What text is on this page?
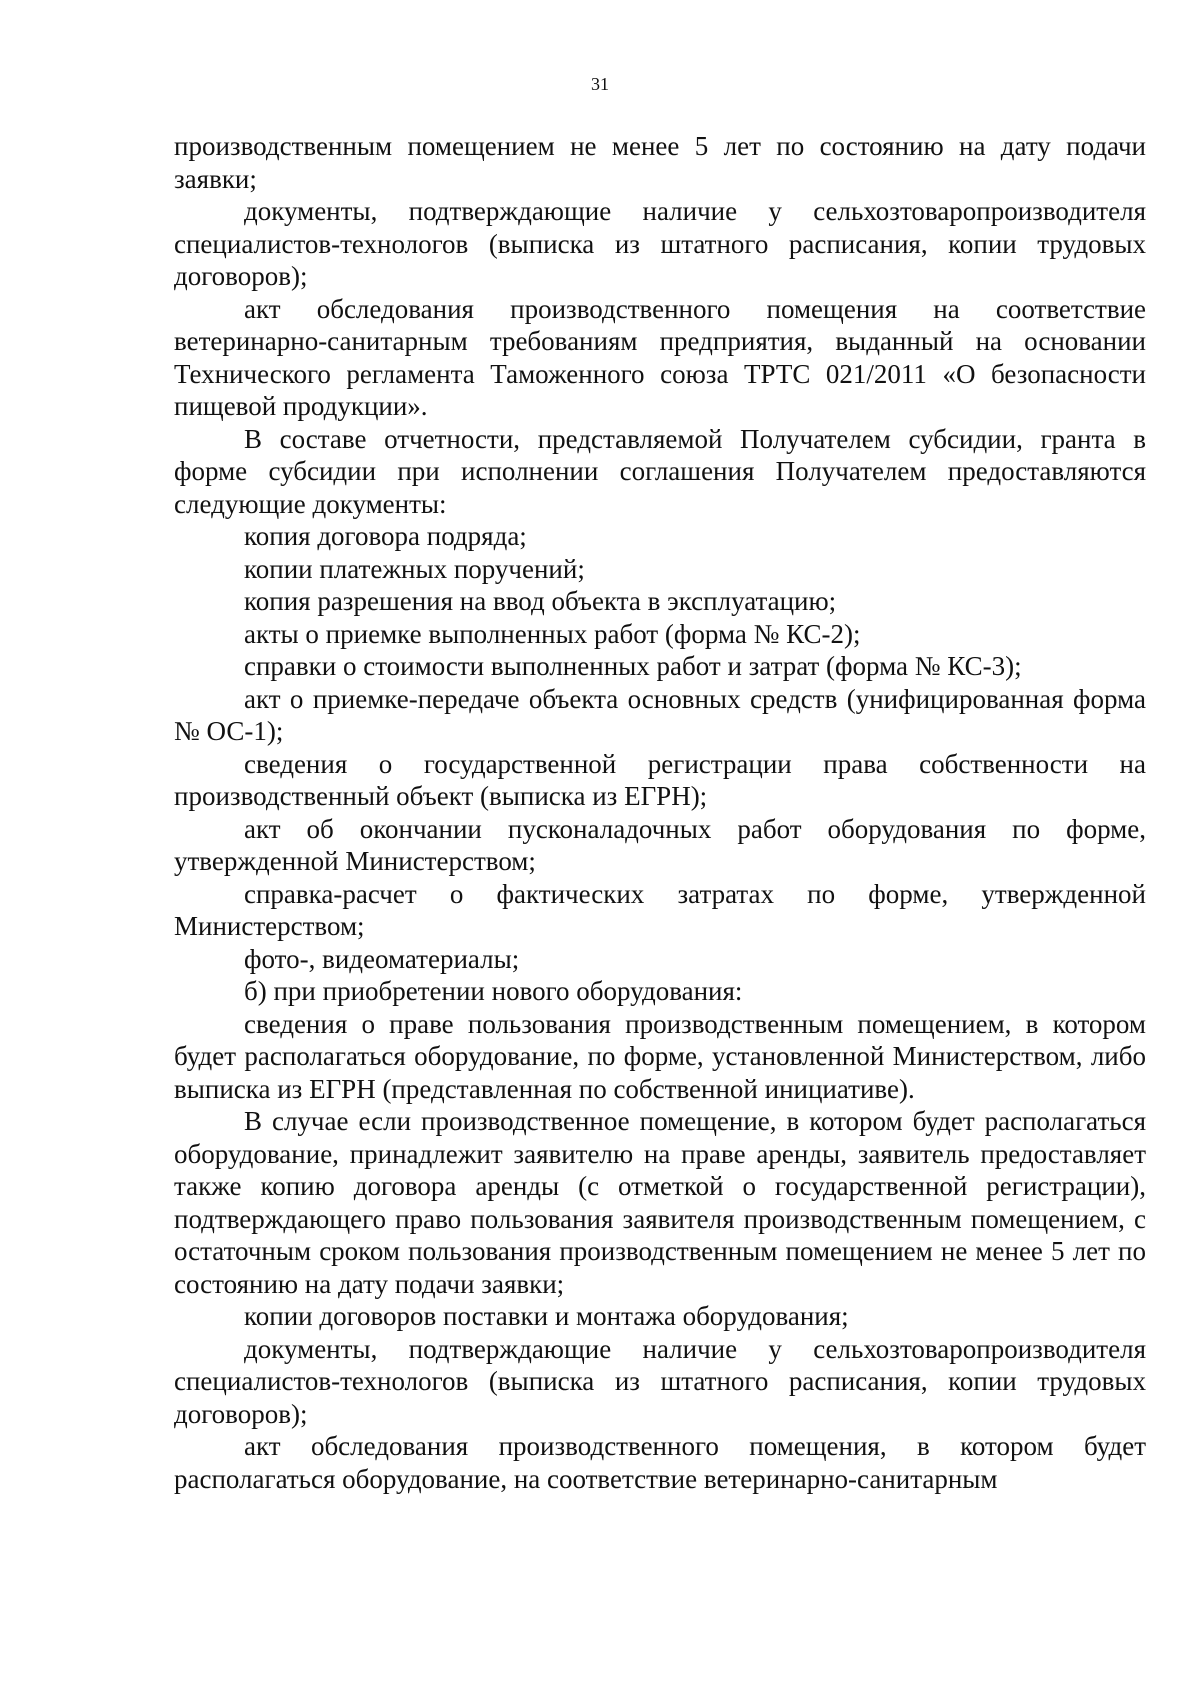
31

производственным помещением не менее 5 лет по состоянию на дату подачи заявки;

документы, подтверждающие наличие у сельхозтоваропроизводителя специалистов-технологов (выписка из штатного расписания, копии трудовых договоров);

акт обследования производственного помещения на соответствие ветеринарно-санитарным требованиям предприятия, выданный на основании Технического регламента Таможенного союза ТРТС 021/2011 «О безопасности пищевой продукции».

В составе отчетности, представляемой Получателем субсидии, гранта в форме субсидии при исполнении соглашения Получателем предоставляются следующие документы:

копия договора подряда;

копии платежных поручений;

копия разрешения на ввод объекта в эксплуатацию;

акты о приемке выполненных работ (форма № КС-2);

справки о стоимости выполненных работ и затрат (форма № КС-3);

акт о приемке-передаче объекта основных средств (унифицированная форма № ОС-1);

сведения о государственной регистрации права собственности на производственный объект (выписка из ЕГРН);

акт об окончании пусконаладочных работ оборудования по форме, утвержденной Министерством;

справка-расчет о фактических затратах по форме, утвержденной Министерством;

фото-, видеоматериалы;

б) при приобретении нового оборудования:

сведения о праве пользования производственным помещением, в котором будет располагаться оборудование, по форме, установленной Министерством, либо выписка из ЕГРН (представленная по собственной инициативе).

В случае если производственное помещение, в котором будет располагаться оборудование, принадлежит заявителю на праве аренды, заявитель предоставляет также копию договора аренды (с отметкой о государственной регистрации), подтверждающего право пользования заявителя производственным помещением, с остаточным сроком пользования производственным помещением не менее 5 лет по состоянию на дату подачи заявки;

копии договоров поставки и монтажа оборудования;

документы, подтверждающие наличие у сельхозтоваропроизводителя специалистов-технологов (выписка из штатного расписания, копии трудовых договоров);

акт обследования производственного помещения, в котором будет располагаться оборудование, на соответствие ветеринарно-санитарным
